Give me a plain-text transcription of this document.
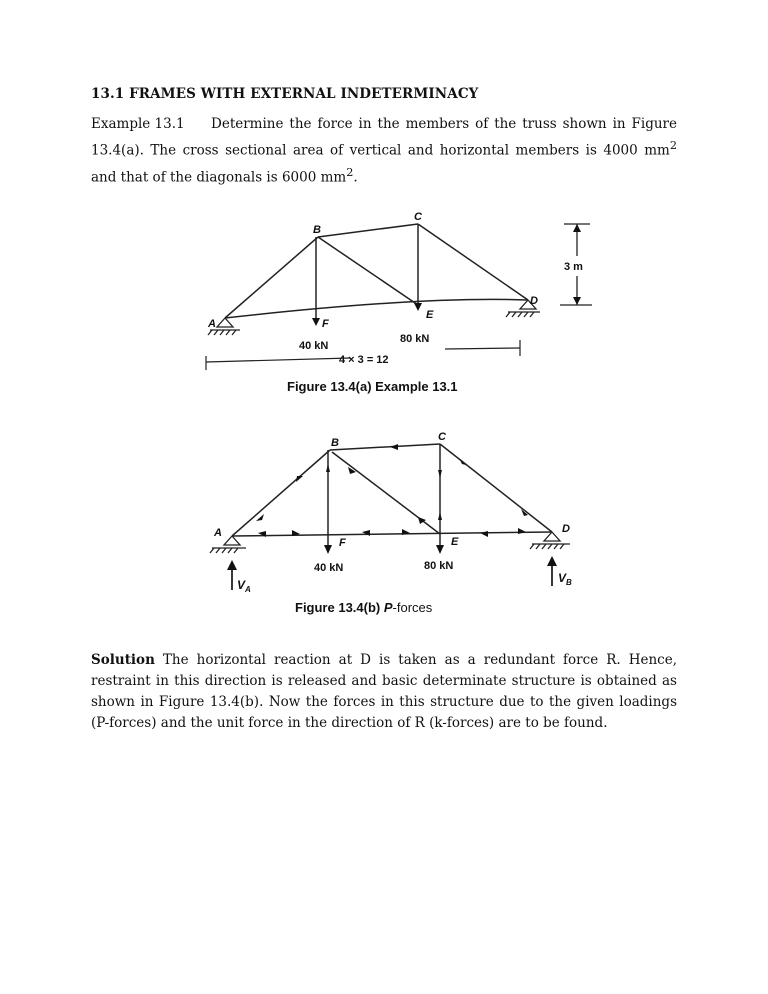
13.1 FRAMES WITH EXTERNAL INDETERMINACY
Example 13.1 Determine the force in the members of the truss shown in Figure 13.4(a). The cross sectional area of vertical and horizontal members is 4000 $mm^2$ and that of the diagonals is 6000 $mm^2$.
B
C
D
E
F
A
40 kN
80 kN
4 × 3 = 12
3 m
Figure 13.4(a) Example 13.1
B	C
D
E
F
A
40 kN	80 kN
$V_A$
$V_B$
Figure 13.4(b) P-forces
Solution The horizontal reaction at D is taken as a redundant force R. Hence, restraint in this direction is released and basic determinate structure is obtained as shown in Figure 13.4(b). Now the forces in this structure due to the given loadings (P-forces) and the unit force in the direction of R (k-forces) are to be found.
